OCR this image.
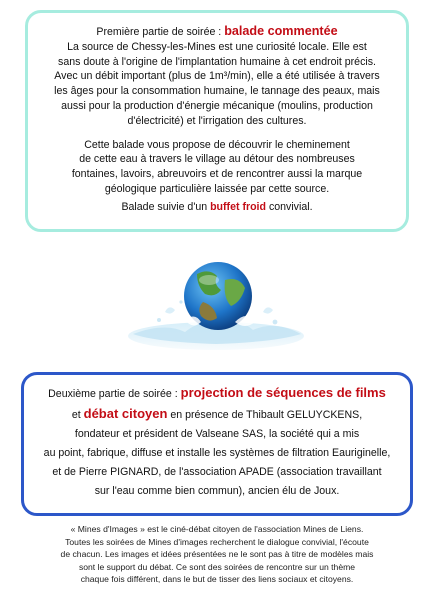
Première partie de soirée : balade commentée

La source de Chessy-les-Mines est une curiosité locale. Elle est

sans doute à l'origine de l'implantation humaine à cet endroit précis.

Avec un débit important (plus de 1m³/min), elle a été utilisée à travers

les âges pour la consommation humaine, le tannage des peaux, mais

aussi pour la production d'énergie mécanique (moulins, production

d'électricité) et l'irrigation des cultures.

Cette balade vous propose de découvrir le cheminement

de cette eau à travers le village au détour des nombreuses

fontaines, lavoirs, abreuvoirs et de rencontrer aussi la marque

géologique particulière laissée par cette source.

Balade suivie d'un buffet froid convivial.

Deuxième partie de soirée : projection de séquences de films

et débat citoyen en présence de Thibault GELUYCKENS,

fondateur et président de Valseane SAS, la société qui a mis

au point, fabrique, diffuse et installe les systèmes de filtration Eauriginelle,

et de Pierre PIGNARD, de l'association APADE (association travaillant

sur l'eau comme bien commun), ancien élu de Joux.

« Mines d'Images » est le ciné-débat citoyen de l'association Mines de Liens.

Toutes les soirées de Mines d'images recherchent le dialogue convivial, l'écoute

de chacun. Les images et idées présentées ne le sont pas à titre de modèles mais

sont le support du débat. Ce sont des soirées de rencontre sur un thème

chaque fois différent, dans le but de tisser des liens sociaux et citoyens.
